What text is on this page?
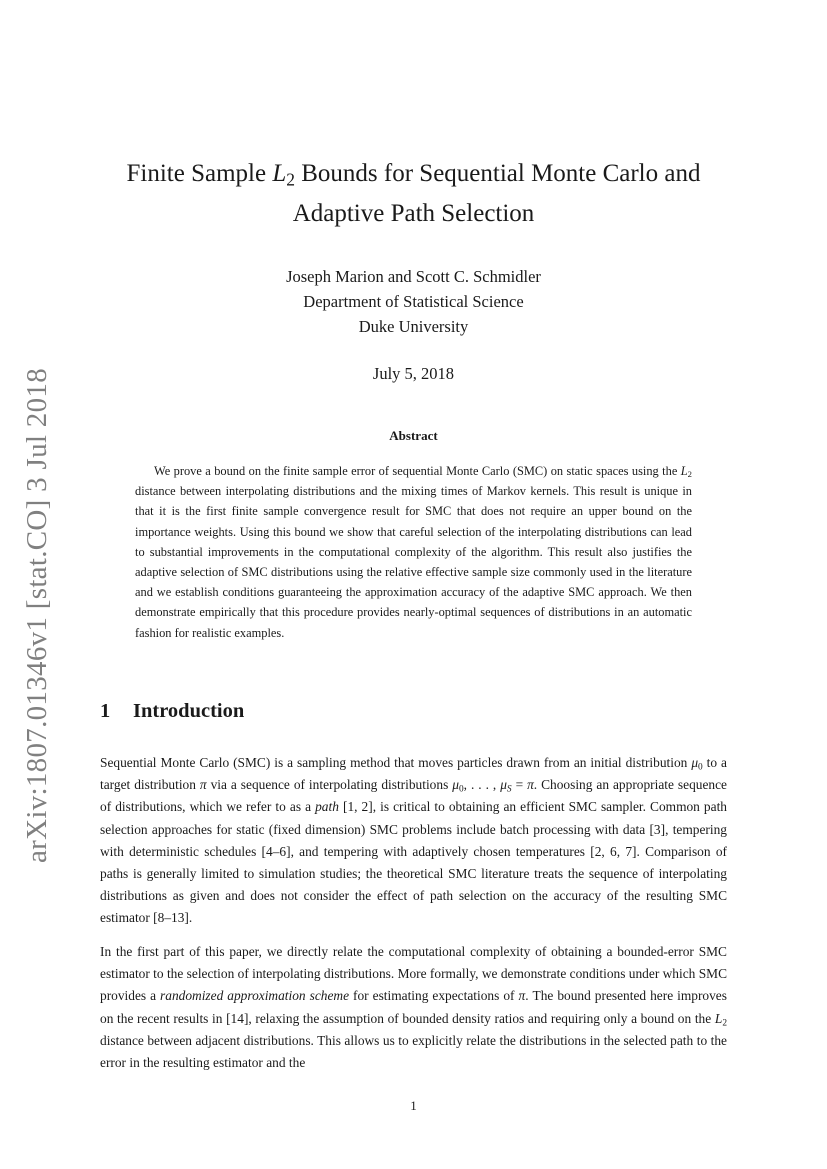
arXiv:1807.01346v1 [stat.CO] 3 Jul 2018
Finite Sample $L_2$ Bounds for Sequential Monte Carlo and
Adaptive Path Selection
Joseph Marion and Scott C. Schmidler
Department of Statistical Science
Duke University
July 5, 2018
Abstract

We prove a bound on the finite sample error of sequential Monte Carlo (SMC) on static spaces using the $L_2$ distance between interpolating distributions and the mixing times of Markov kernels. This result is unique in that it is the first finite sample convergence result for SMC that does not require an upper bound on the importance weights. Using this bound we show that careful selection of the interpolating distributions can lead to substantial improvements in the computational complexity of the algorithm. This result also justifies the adaptive selection of SMC distributions using the relative effective sample size commonly used in the literature and we establish conditions guaranteeing the approximation accuracy of the adaptive SMC approach. We then demonstrate empirically that this procedure provides nearly-optimal sequences of distributions in an automatic fashion for realistic examples.

1 Introduction

Sequential Monte Carlo (SMC) is a sampling method that moves particles drawn from an initial distribution $\mu_0$ to a target distribution π via a sequence of interpolating distributions $\mu_0$, . . . , $\mu_S = \pi$. Choosing an appropriate sequence of distributions, which we refer to as a path [1, 2], is critical to obtaining an efficient SMC sampler. Common path selection approaches for static (fixed dimension) SMC problems include batch processing with data [3], tempering with deterministic schedules [4–6], and tempering with adaptively chosen temperatures [2, 6, 7]. Comparison of paths is generally limited to simulation studies; the theoretical SMC literature treats the sequence of interpolating distributions as given and does not consider the effect of path selection on the accuracy of the resulting SMC estimator [8–13].

In the first part of this paper, we directly relate the computational complexity of obtaining a bounded-error SMC estimator to the selection of interpolating distributions. More formally, we demonstrate conditions under which SMC provides a randomized approximation scheme for estimating expectations of π. The bound presented here improves on the recent results in [14], relaxing the assumption of bounded density ratios and requiring only a bound on the $L_2$ distance between adjacent distributions. This allows us to explicitly relate the distributions in the selected path to the error in the resulting estimator and the

1
